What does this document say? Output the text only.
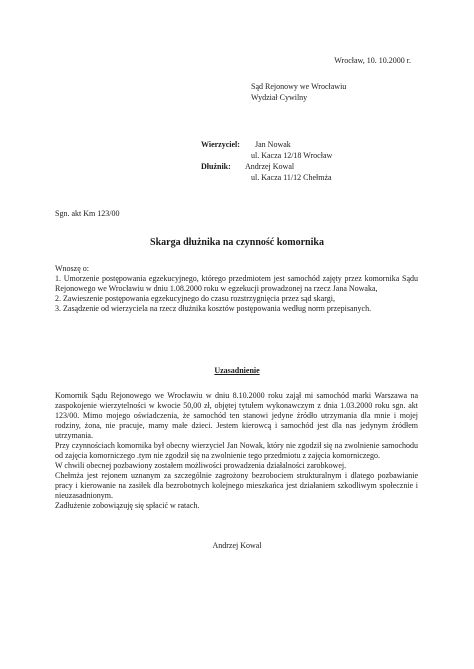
Wrocław, 10. 10.2000 r.
Sąd Rejonowy we Wrocławiu
Wydział Cywilny
Wierzyciel: Jan Nowak
ul. Kacza 12/18 Wrocław
Dłużnik: Andrzej Kowal
ul. Kacza 11/12 Chełmża
Sgn. akt Km 123/00
Skarga dłużnika na czynność komornika

Wnoszę o:

1. Umorzenie postępowania egzekucyjnego, którego przedmiotem jest samochód zajęty przez komornika Sądu Rejonowego we Wrocławiu w dniu 1.08.2000 roku w egzekucji prowadzonej na rzecz Jana Nowaka,

2. Zawieszenie postępowania egzekucyjnego do czasu rozstrzygnięcia przez sąd skargi,

3. Zasądzenie od wierzyciela na rzecz dłużnika kosztów postępowania według norm przepisanych.

Uzasadnienie

Komornik Sądu Rejonowego we Wrocławiu w dniu 8.10.2000 roku zajął mi samochód marki Warszawa na zaspokojenie wierzytelności w kwocie 50,00 zł, objętej tytułem wykonawczym z dnia 1.03.2000 roku sgn. akt 123/00. Mimo mojego oświadczenia, że samochód ten stanowi jedyne źródło utrzymania dla mnie i mojej rodziny, żona, nie pracuje, mamy małe dzieci. Jestem kierowcą i samochód jest dla nas jedynym źródłem utrzymania.

Przy czynnościach komornika był obecny wierzyciel Jan Nowak, który nie zgodził się na zwolnienie samochodu od zajęcia komorniczego .tym nie zgodził się na zwolnienie tego przedmiotu z zajęcia komorniczego.

W chwili obecnej pozbawiony zostałem możliwości prowadzenia działalności zarobkowej.

Chełmża jest rejonem uznanym za szczególnie zagrożony bezrobociem strukturalnym i dlatego pozbawianie pracy i kierowanie na zasiłek dla bezrobotnych kolejnego mieszkańca jest działaniem szkodliwym społecznie i nieuzasadnionym.

Zadłużenie zobowiązuję się spłacić w ratach.

Andrzej Kowal
